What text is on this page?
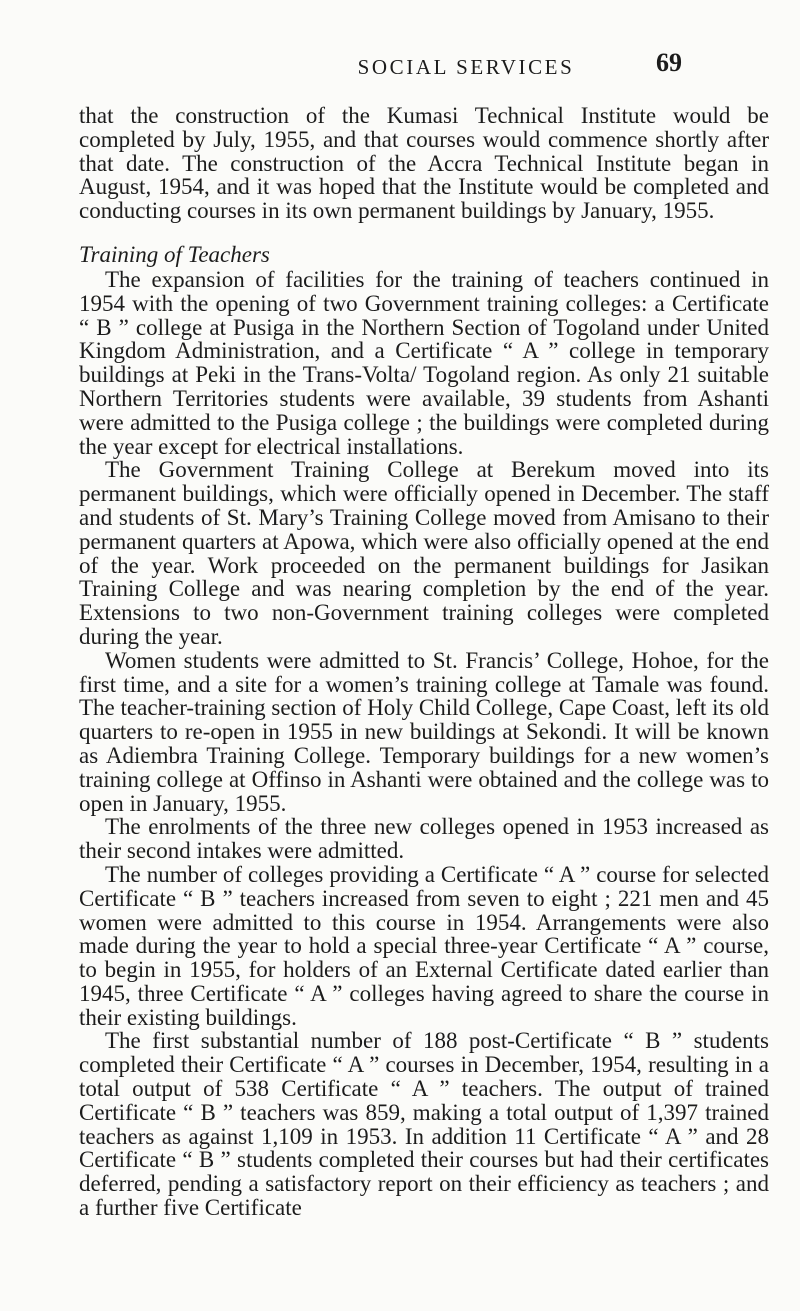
SOCIAL SERVICES	69

that the construction of the Kumasi Technical Institute would be completed by July, 1955, and that courses would commence shortly after that date. The construction of the Accra Technical Institute began in August, 1954, and it was hoped that the Institute would be completed and conducting courses in its own permanent buildings by January, 1955.

Training of Teachers

The expansion of facilities for the training of teachers continued in 1954 with the opening of two Government training colleges: a Certificate “ B ” college at Pusiga in the Northern Section of Togoland under United Kingdom Administration, and a Certificate “ A ” college in temporary buildings at Peki in the Trans-Volta/ Togoland region. As only 21 suitable Northern Territories students were available, 39 students from Ashanti were admitted to the Pusiga college ; the buildings were completed during the year except for electrical installations.

The Government Training College at Berekum moved into its permanent buildings, which were officially opened in December. The staff and students of St. Mary’s Training College moved from Amisano to their permanent quarters at Apowa, which were also officially opened at the end of the year. Work proceeded on the permanent buildings for Jasikan Training College and was nearing completion by the end of the year. Extensions to two non-Government training colleges were completed during the year.

Women students were admitted to St. Francis’ College, Hohoe, for the first time, and a site for a women’s training college at Tamale was found. The teacher-training section of Holy Child College, Cape Coast, left its old quarters to re-open in 1955 in new buildings at Sekondi. It will be known as Adiembra Training College. Temporary buildings for a new women’s training college at Offinso in Ashanti were obtained and the college was to open in January, 1955.

The enrolments of the three new colleges opened in 1953 increased as their second intakes were admitted.

The number of colleges providing a Certificate “ A ” course for selected Certificate “ B ” teachers increased from seven to eight ; 221 men and 45 women were admitted to this course in 1954. Arrangements were also made during the year to hold a special three-year Certificate “ A ” course, to begin in 1955, for holders of an External Certificate dated earlier than 1945, three Certificate “ A ” colleges having agreed to share the course in their existing buildings.

The first substantial number of 188 post-Certificate “ B ” students completed their Certificate “ A ” courses in December, 1954, resulting in a total output of 538 Certificate “ A ” teachers. The output of trained Certificate “ B ” teachers was 859, making a total output of 1,397 trained teachers as against 1,109 in 1953. In addition 11 Certificate “ A ” and 28 Certificate “ B ” students completed their courses but had their certificates deferred, pending a satisfactory report on their efficiency as teachers ; and a further five Certificate
